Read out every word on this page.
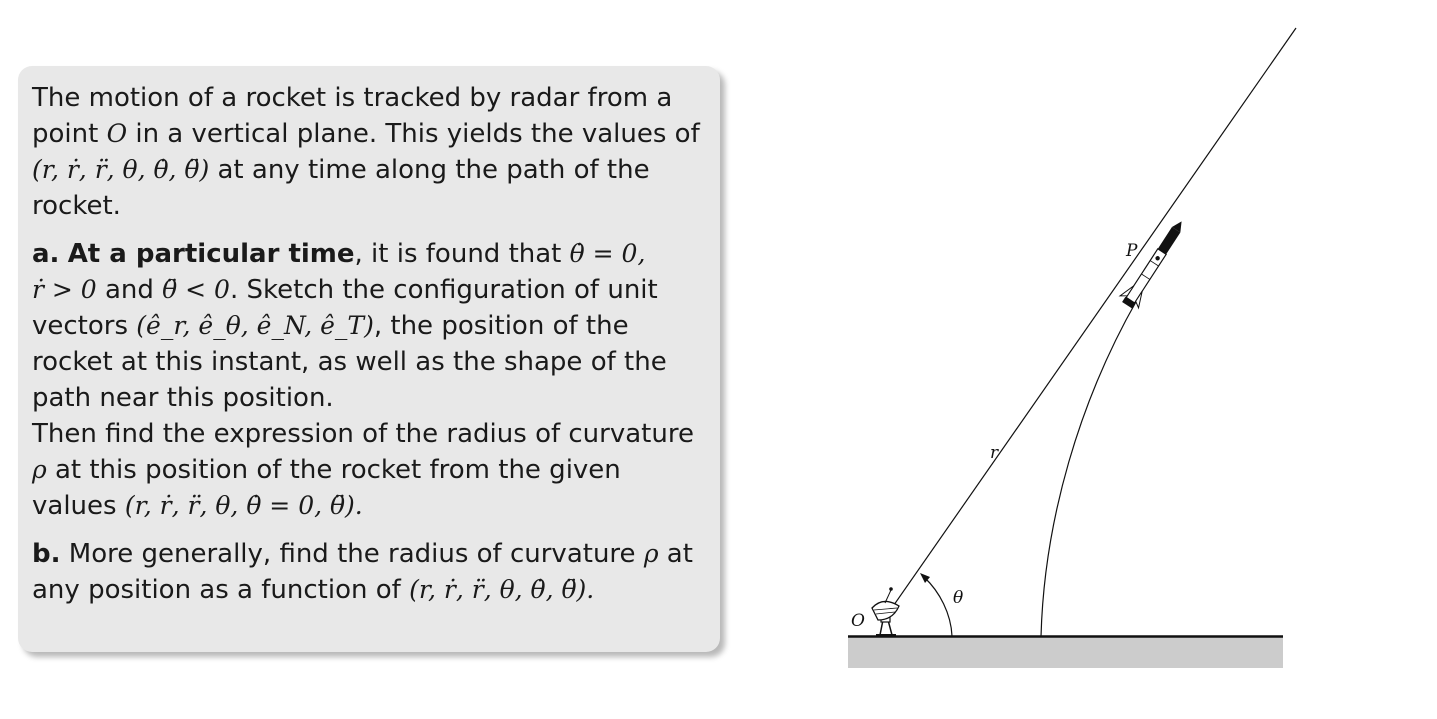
The motion of a rocket is tracked by radar from a point O in a vertical plane. This yields the values of (r, ṙ, r̈, θ, θ̇, θ̈) at any time along the path of the rocket.

a. At a particular time, it is found that θ̇ = 0,
ṙ > 0 and θ̈ < 0. Sketch the configuration of unit vectors (ê_r, ê_θ, ê_N, ê_T), the position of the rocket at this instant, as well as the shape of the path near this position.

Then find the expression of the radius of curvature ρ at this position of the rocket from the given values (r, ṙ, r̈, θ, θ̇ = 0, θ̈).

b. More generally, find the radius of curvature ρ at any position as a function of (r, ṙ, r̈, θ, θ̇, θ̈).

O
P
r
θ
